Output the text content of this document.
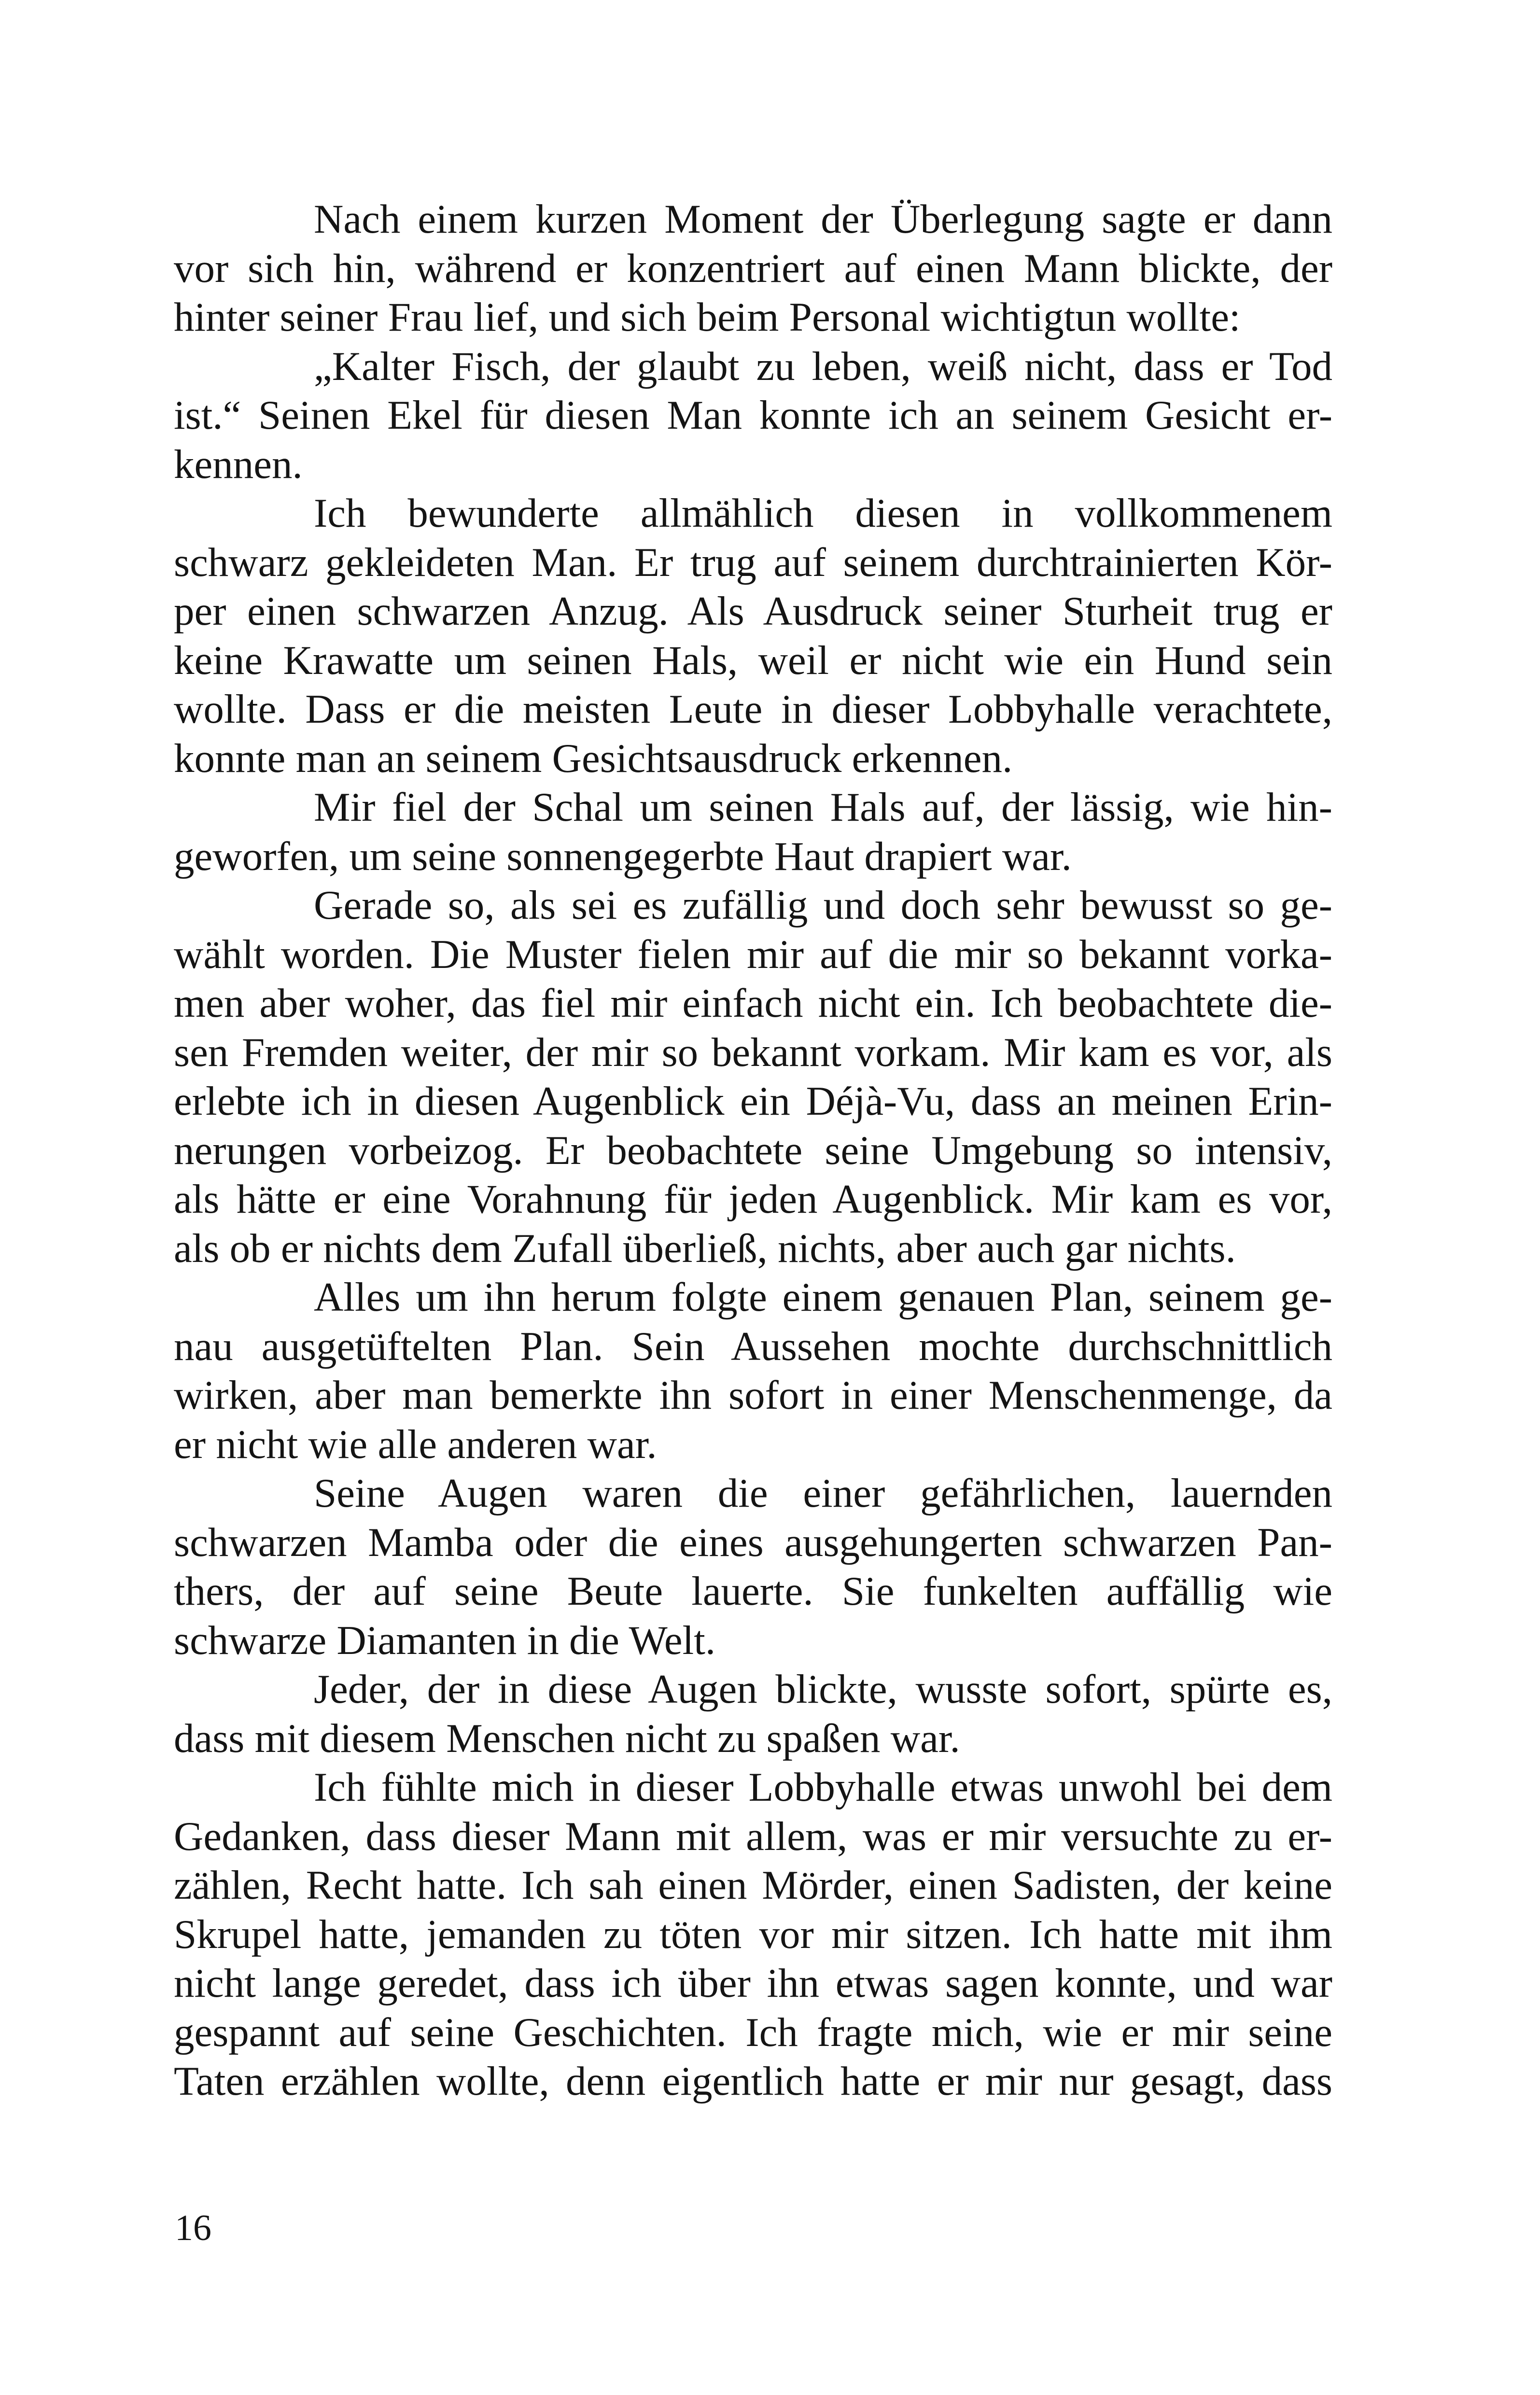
Nach einem kurzen Moment der Überlegung sagte er dann
vor sich hin, während er konzentriert auf einen Mann blickte, der
hinter seiner Frau lief, und sich beim Personal wichtigtun wollte:
„Kalter Fisch, der glaubt zu leben, weiß nicht, dass er Tod
ist.“ Seinen Ekel für diesen Man konnte ich an seinem Gesicht er-
kennen.
Ich bewunderte allmählich diesen in vollkommenem
schwarz gekleideten Man. Er trug auf seinem durchtrainierten Kör-
per einen schwarzen Anzug. Als Ausdruck seiner Sturheit trug er
keine Krawatte um seinen Hals, weil er nicht wie ein Hund sein
wollte. Dass er die meisten Leute in dieser Lobbyhalle verachtete,
konnte man an seinem Gesichtsausdruck erkennen.
Mir fiel der Schal um seinen Hals auf, der lässig, wie hin-
geworfen, um seine sonnengegerbte Haut drapiert war.
Gerade so, als sei es zufällig und doch sehr bewusst so ge-
wählt worden. Die Muster fielen mir auf die mir so bekannt vorka-
men aber woher, das fiel mir einfach nicht ein. Ich beobachtete die-
sen Fremden weiter, der mir so bekannt vorkam. Mir kam es vor, als
erlebte ich in diesen Augenblick ein Déjà-Vu, dass an meinen Erin-
nerungen vorbeizog. Er beobachtete seine Umgebung so intensiv,
als hätte er eine Vorahnung für jeden Augenblick. Mir kam es vor,
als ob er nichts dem Zufall überließ, nichts, aber auch gar nichts.
Alles um ihn herum folgte einem genauen Plan, seinem ge-
nau ausgetüftelten Plan. Sein Aussehen mochte durchschnittlich
wirken, aber man bemerkte ihn sofort in einer Menschenmenge, da
er nicht wie alle anderen war.
Seine Augen waren die einer gefährlichen, lauernden
schwarzen Mamba oder die eines ausgehungerten schwarzen Pan-
thers, der auf seine Beute lauerte. Sie funkelten auffällig wie
schwarze Diamanten in die Welt.
Jeder, der in diese Augen blickte, wusste sofort, spürte es,
dass mit diesem Menschen nicht zu spaßen war.
Ich fühlte mich in dieser Lobbyhalle etwas unwohl bei dem
Gedanken, dass dieser Mann mit allem, was er mir versuchte zu er-
zählen, Recht hatte. Ich sah einen Mörder, einen Sadisten, der keine
Skrupel hatte, jemanden zu töten vor mir sitzen. Ich hatte mit ihm
nicht lange geredet, dass ich über ihn etwas sagen konnte, und war
gespannt auf seine Geschichten. Ich fragte mich, wie er mir seine
Taten erzählen wollte, denn eigentlich hatte er mir nur gesagt, dass
16
